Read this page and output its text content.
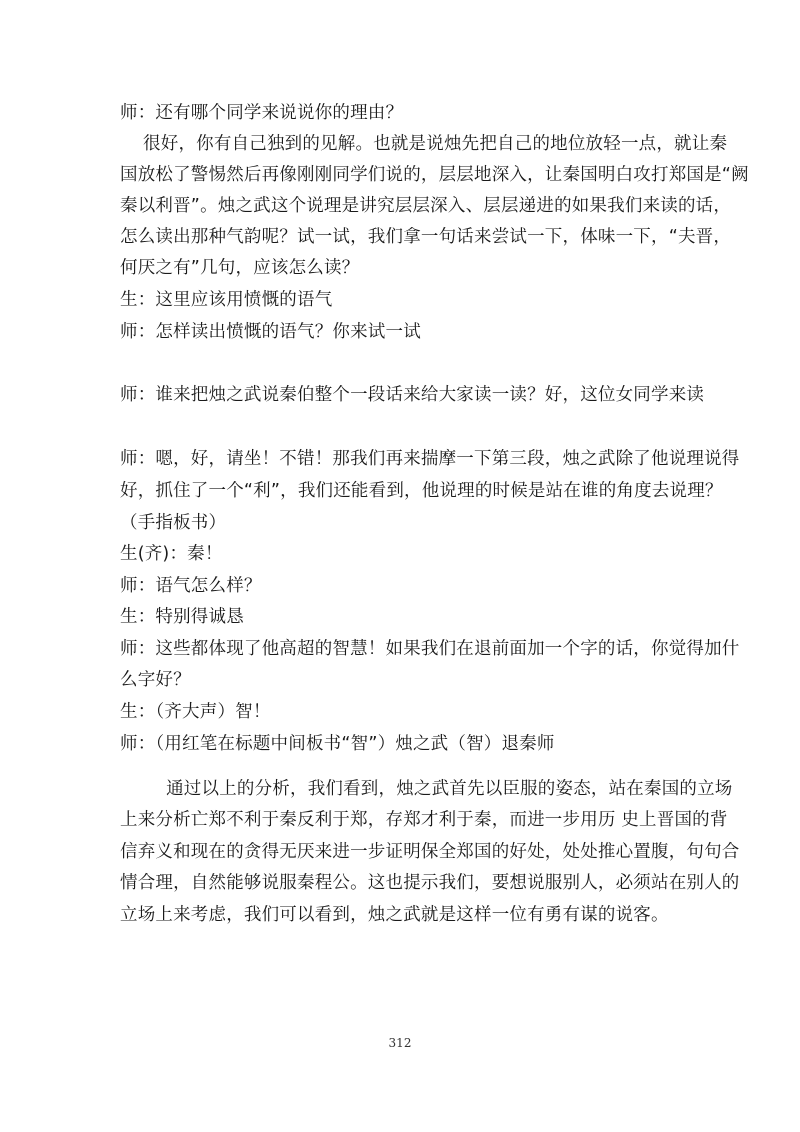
师：还有哪个同学来说说你的理由？
很好，你有自己独到的见解。也就是说烛先把自己的地位放轻一点，就让秦
国放松了警惕然后再像刚刚同学们说的，层层地深入，让秦国明白攻打郑国是“阙
秦以利晋”。烛之武这个说理是讲究层层深入、层层递进的如果我们来读的话，
怎么读出那种气韵呢？试一试，我们拿一句话来尝试一下，体味一下，“夫晋，
何厌之有”几句，应该怎么读？
生：这里应该用愤慨的语气
师：怎样读出愤慨的语气？你来试一试
师：谁来把烛之武说秦伯整个一段话来给大家读一读？好，这位女同学来读
师：嗯，好，请坐！不错！那我们再来揣摩一下第三段，烛之武除了他说理说得
好，抓住了一个“利”，我们还能看到，他说理的时候是站在谁的角度去说理？
（手指板书）
生(齐)：秦！
师：语气怎么样？
生：特别得诚恳
师：这些都体现了他高超的智慧！如果我们在退前面加一个字的话，你觉得加什
么字好？
生：（齐大声）智！
师：（用红笔在标题中间板书“智”）烛之武（智）退秦师
通过以上的分析，我们看到，烛之武首先以臣服的姿态，站在秦国的立场
上来分析亡郑不利于秦反利于郑，存郑才利于秦，而进一步用历 史上晋国的背
信弃义和现在的贪得无厌来进一步证明保全郑国的好处，处处推心置腹，句句合
情合理，自然能够说服秦程公。这也提示我们，要想说服别人，必须站在别人的
立场上来考虑，我们可以看到，烛之武就是这样一位有勇有谋的说客。
312
